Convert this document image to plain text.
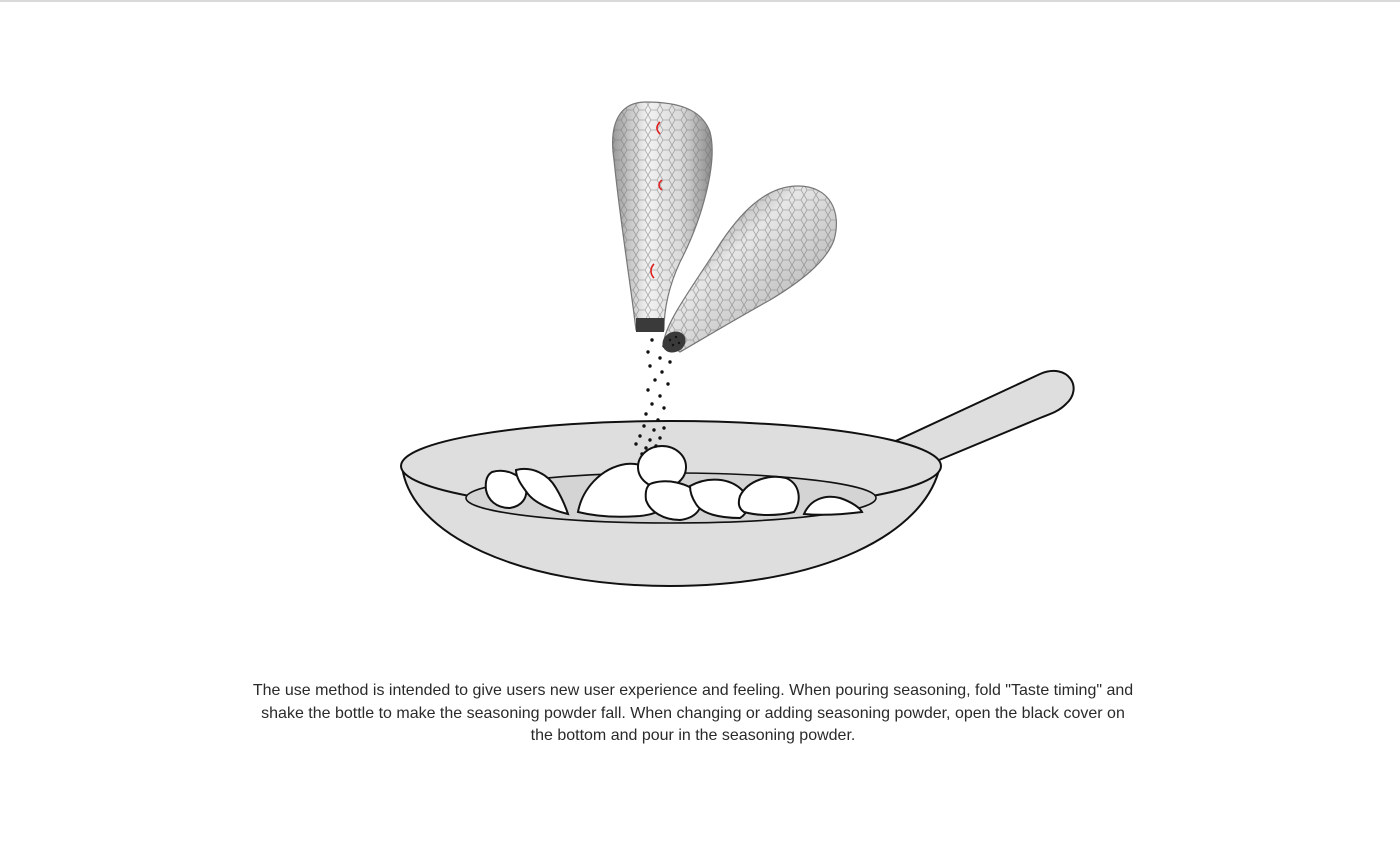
The use method is intended to give users new user experience and feeling. When pouring seasoning, fold "Taste timing" and shake the bottle to make the seasoning powder fall. When changing or adding seasoning powder, open the black cover on the bottom and pour in the seasoning powder.
